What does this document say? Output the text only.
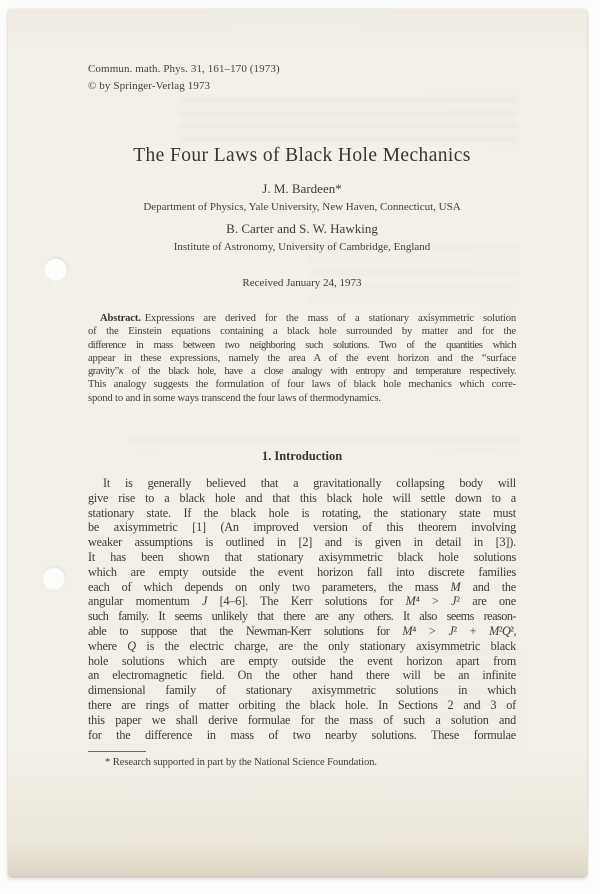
Commun. math. Phys. 31, 161–170 (1973)
© by Springer-Verlag 1973
The Four Laws of Black Hole Mechanics
J. M. Bardeen*
Department of Physics, Yale University, New Haven, Connecticut, USA
B. Carter and S. W. Hawking
Institute of Astronomy, University of Cambridge, England
Received January 24, 1973
Abstract. Expressions are derived for the mass of a stationary axisymmetric solution
of the Einstein equations containing a black hole surrounded by matter and for the
difference in mass between two neighboring such solutions. Two of the quantities which
appear in these expressions, namely the area A of the event horizon and the “surface
gravity”κ of the black hole, have a close analogy with entropy and temperature respectively.
This analogy suggests the formulation of four laws of black hole mechanics which corre-
spond to and in some ways transcend the four laws of thermodynamics.
1. Introduction
It is generally believed that a gravitationally collapsing body will
give rise to a black hole and that this black hole will settle down to a
stationary state. If the black hole is rotating, the stationary state must
be axisymmetric [1] (An improved version of this theorem involving
weaker assumptions is outlined in [2] and is given in detail in [3]).
It has been shown that stationary axisymmetric black hole solutions
which are empty outside the event horizon fall into discrete families
each of which depends on only two parameters, the mass M and the
angular momentum J [4–6]. The Kerr solutions for M⁴ > J² are one
such family. It seems unlikely that there are any others. It also seems reason-
able to suppose that the Newman-Kerr solutions for M⁴ > J² + M²Q²,
where Q is the electric charge, are the only stationary axisymmetric black
hole solutions which are empty outside the event horizon apart from
an electromagnetic field. On the other hand there will be an infinite
dimensional family of stationary axisymmetric solutions in which
there are rings of matter orbiting the black hole. In Sections 2 and 3 of
this paper we shall derive formulae for the mass of such a solution and
for the difference in mass of two nearby solutions. These formulae
* Research supported in part by the National Science Foundation.
